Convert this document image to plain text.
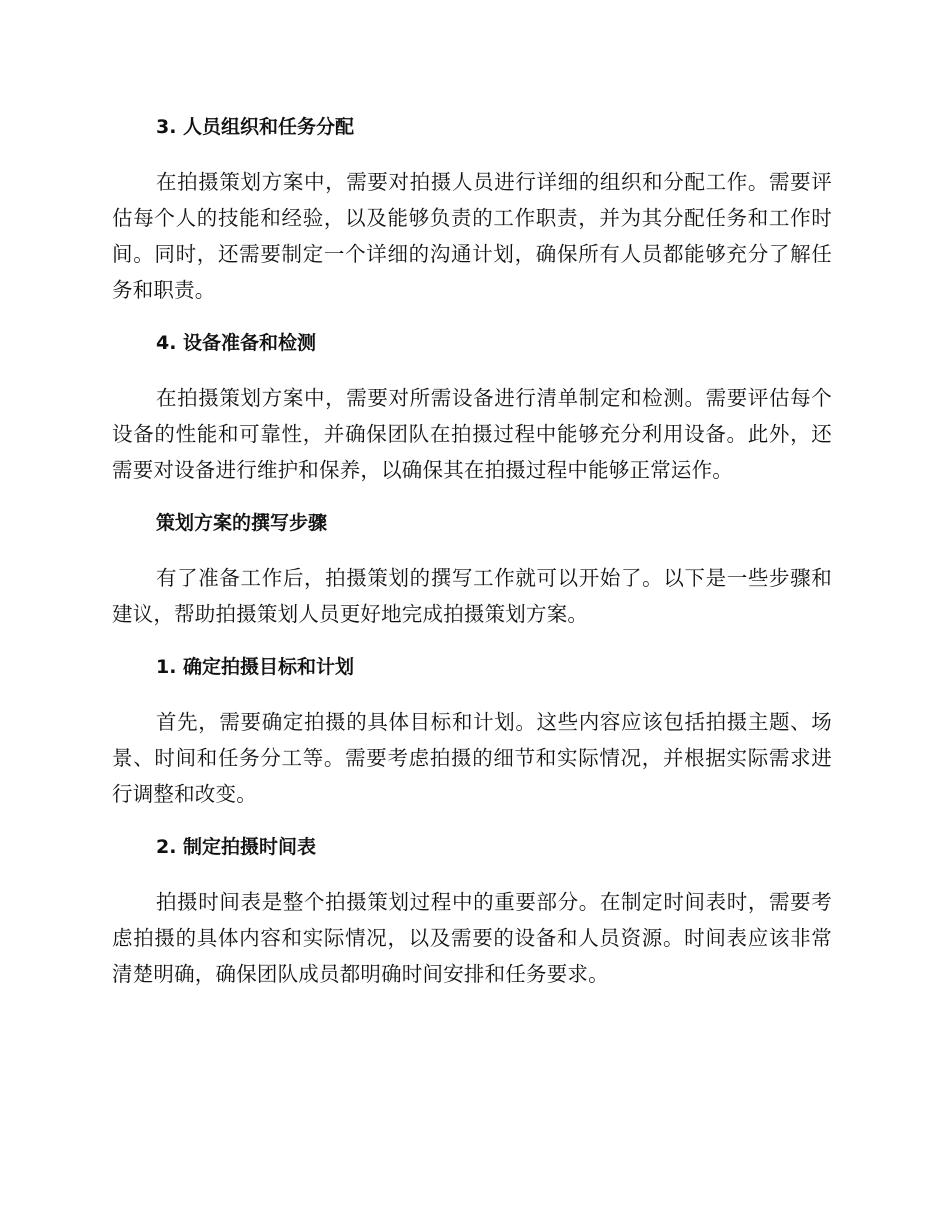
3. 人员组织和任务分配

在拍摄策划方案中，需要对拍摄人员进行详细的组织和分配工作。需要评估每个人的技能和经验，以及能够负责的工作职责，并为其分配任务和工作时间。同时，还需要制定一个详细的沟通计划，确保所有人员都能够充分了解任务和职责。

4. 设备准备和检测

在拍摄策划方案中，需要对所需设备进行清单制定和检测。需要评估每个设备的性能和可靠性，并确保团队在拍摄过程中能够充分利用设备。此外，还需要对设备进行维护和保养，以确保其在拍摄过程中能够正常运作。

策划方案的撰写步骤

有了准备工作后，拍摄策划的撰写工作就可以开始了。以下是一些步骤和建议，帮助拍摄策划人员更好地完成拍摄策划方案。

1. 确定拍摄目标和计划

首先，需要确定拍摄的具体目标和计划。这些内容应该包括拍摄主题、场景、时间和任务分工等。需要考虑拍摄的细节和实际情况，并根据实际需求进行调整和改变。

2. 制定拍摄时间表

拍摄时间表是整个拍摄策划过程中的重要部分。在制定时间表时，需要考虑拍摄的具体内容和实际情况，以及需要的设备和人员资源。时间表应该非常清楚明确，确保团队成员都明确时间安排和任务要求。
